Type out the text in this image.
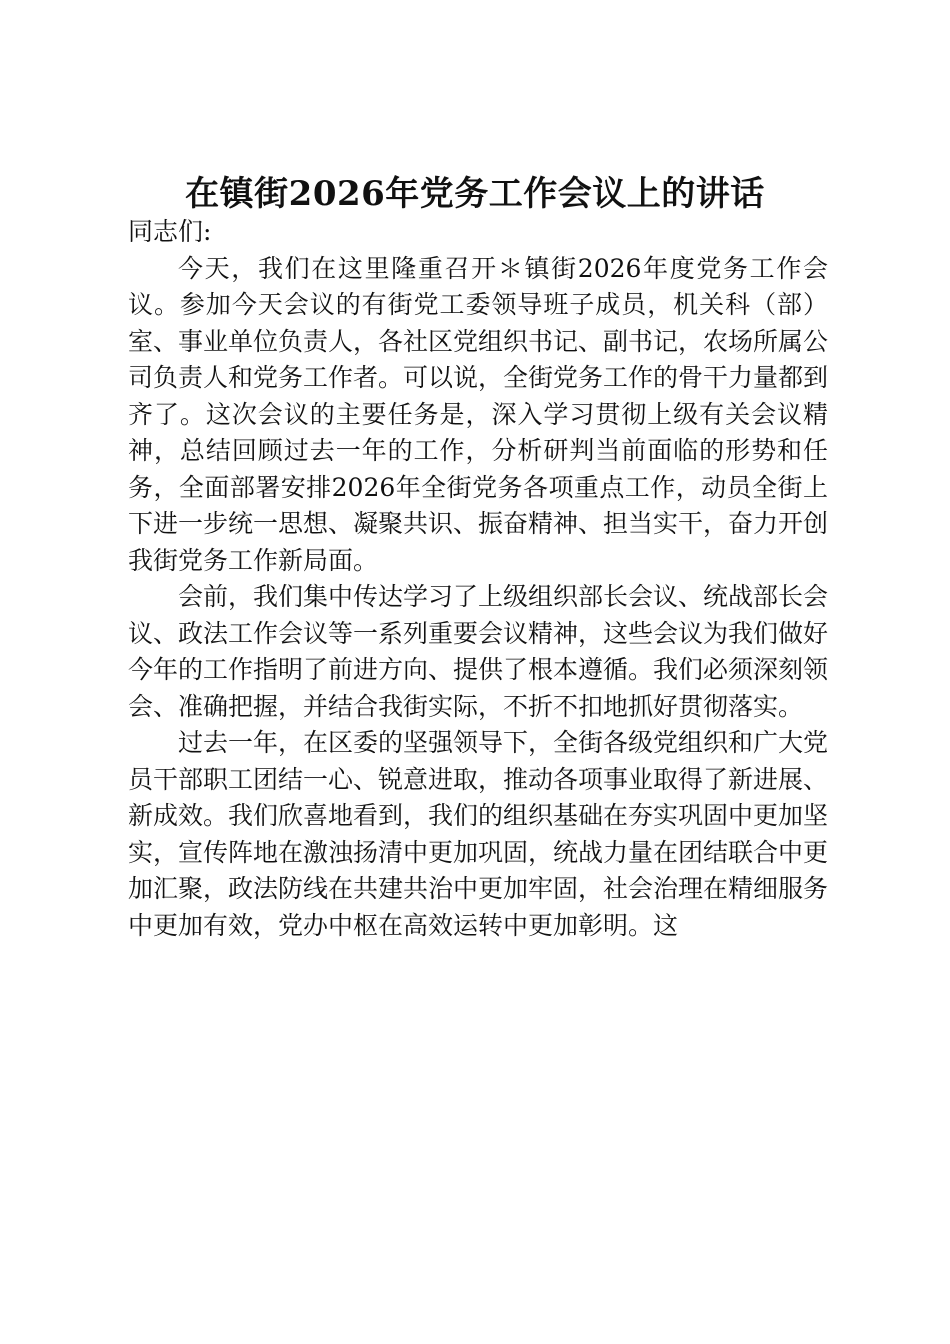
在镇街2026年党务工作会议上的讲话

同志们:

今天，我们在这里隆重召开＊镇街2026年度党务工作会议。参加今天会议的有街党工委领导班子成员，机关科（部）室、事业单位负责人，各社区党组织书记、副书记，农场所属公司负责人和党务工作者。可以说，全街党务工作的骨干力量都到齐了。这次会议的主要任务是，深入学习贯彻上级有关会议精神，总结回顾过去一年的工作，分析研判当前面临的形势和任务，全面部署安排2026年全街党务各项重点工作，动员全街上下进一步统一思想、凝聚共识、振奋精神、担当实干，奋力开创我街党务工作新局面。

会前，我们集中传达学习了上级组织部长会议、统战部长会议、政法工作会议等一系列重要会议精神，这些会议为我们做好今年的工作指明了前进方向、提供了根本遵循。我们必须深刻领会、准确把握，并结合我街实际，不折不扣地抓好贯彻落实。

过去一年，在区委的坚强领导下，全街各级党组织和广大党员干部职工团结一心、锐意进取，推动各项事业取得了新进展、新成效。我们欣喜地看到，我们的组织基础在夯实巩固中更加坚实，宣传阵地在激浊扬清中更加巩固，统战力量在团结联合中更加汇聚，政法防线在共建共治中更加牢固，社会治理在精细服务中更加有效，党办中枢在高效运转中更加彰明。这
